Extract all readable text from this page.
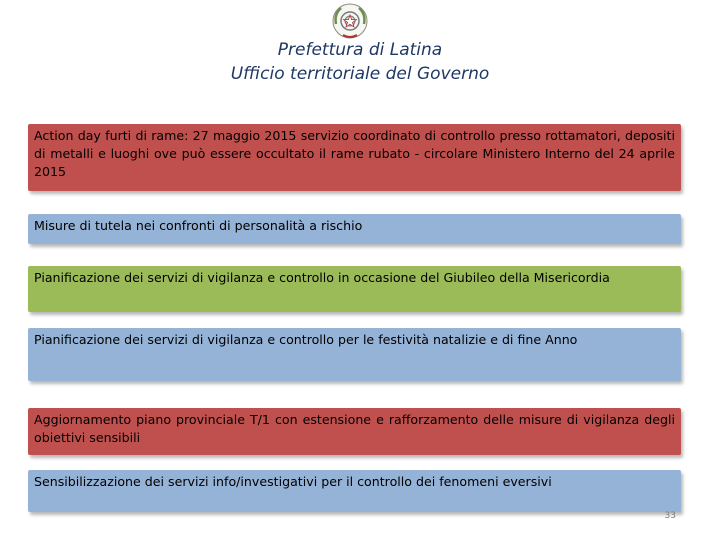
Prefettura di Latina
Ufficio territoriale del Governo
Action day furti di rame: 27 maggio 2015 servizio coordinato di controllo presso rottamatori, depositi di metalli e luoghi ove può essere occultato il rame rubato - circolare Ministero Interno del 24 aprile 2015
Misure di tutela nei confronti di personalità a rischio
Pianificazione dei servizi di vigilanza e controllo in occasione del Giubileo della Misericordia
Pianificazione dei servizi di vigilanza e controllo per le festività natalizie e di fine Anno
Aggiornamento piano provinciale T/1 con estensione e rafforzamento delle misure di vigilanza degli obiettivi sensibili
Sensibilizzazione dei servizi info/investigativi per il controllo dei fenomeni eversivi
33
